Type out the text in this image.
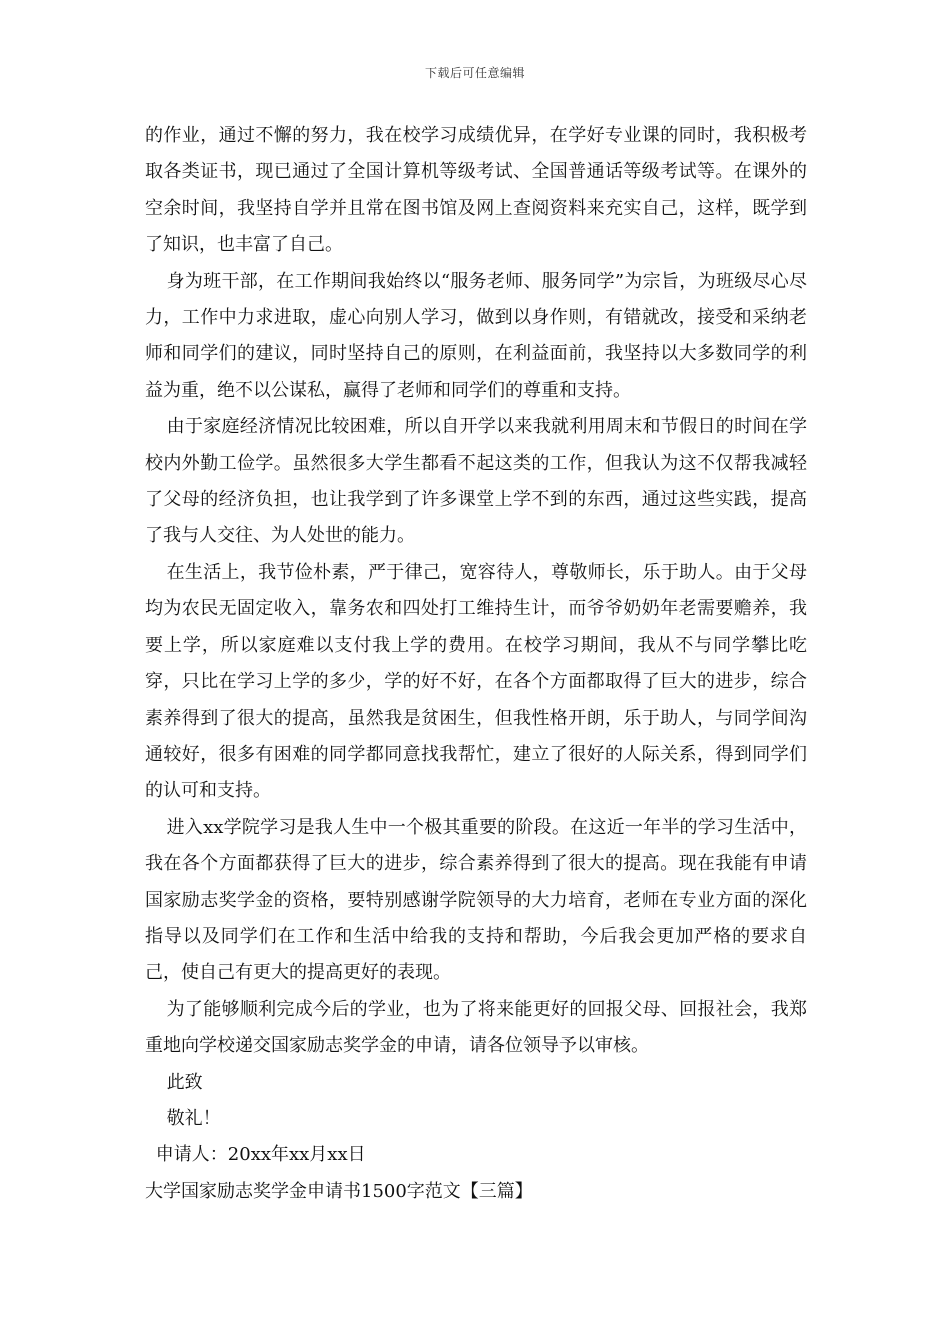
下载后可任意编辑

的作业，通过不懈的努力，我在校学习成绩优异，在学好专业课的同时，我积极考取各类证书，现已通过了全国计算机等级考试、全国普通话等级考试等。在课外的空余时间，我坚持自学并且常在图书馆及网上查阅资料来充实自己，这样，既学到了知识，也丰富了自己。

身为班干部，在工作期间我始终以“服务老师、服务同学”为宗旨，为班级尽心尽力，工作中力求进取，虚心向别人学习，做到以身作则，有错就改，接受和采纳老师和同学们的建议，同时坚持自己的原则，在利益面前，我坚持以大多数同学的利益为重，绝不以公谋私，赢得了老师和同学们的尊重和支持。

由于家庭经济情况比较困难，所以自开学以来我就利用周末和节假日的时间在学校内外勤工俭学。虽然很多大学生都看不起这类的工作，但我认为这不仅帮我减轻了父母的经济负担，也让我学到了许多课堂上学不到的东西，通过这些实践，提高了我与人交往、为人处世的能力。

在生活上，我节俭朴素，严于律己，宽容待人，尊敬师长，乐于助人。由于父母均为农民无固定收入，靠务农和四处打工维持生计，而爷爷奶奶年老需要赡养，我要上学，所以家庭难以支付我上学的费用。在校学习期间，我从不与同学攀比吃穿，只比在学习上学的多少，学的好不好，在各个方面都取得了巨大的进步，综合素养得到了很大的提高，虽然我是贫困生，但我性格开朗，乐于助人，与同学间沟通较好，很多有困难的同学都同意找我帮忙，建立了很好的人际关系，得到同学们的认可和支持。

进入xx学院学习是我人生中一个极其重要的阶段。在这近一年半的学习生活中，我在各个方面都获得了巨大的进步，综合素养得到了很大的提高。现在我能有申请国家励志奖学金的资格，要特别感谢学院领导的大力培育，老师在专业方面的深化指导以及同学们在工作和生活中给我的支持和帮助，今后我会更加严格的要求自己，使自己有更大的提高更好的表现。

为了能够顺利完成今后的学业，也为了将来能更好的回报父母、回报社会，我郑重地向学校递交国家励志奖学金的申请，请各位领导予以审核。

此致

敬礼！

申请人：20xx年xx月xx日

大学国家励志奖学金申请书1500字范文【三篇】
